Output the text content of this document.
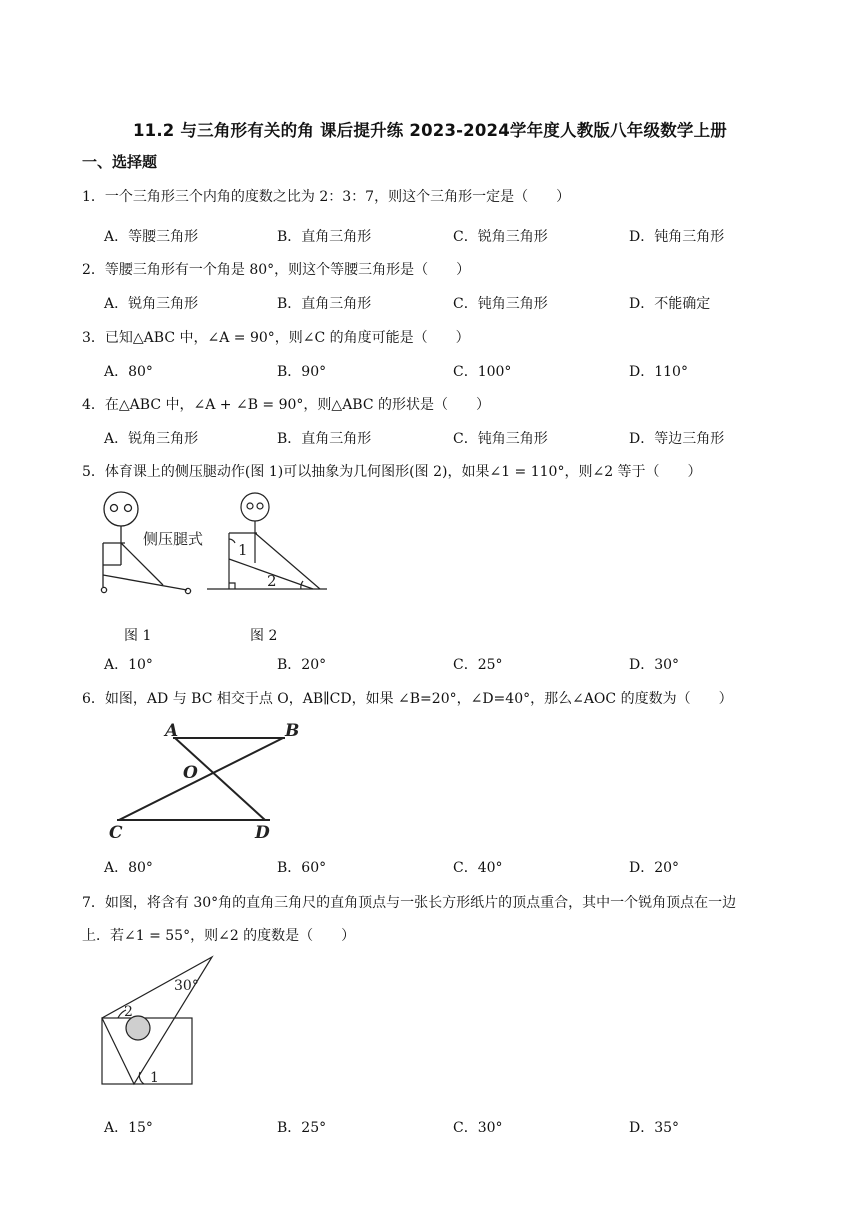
11.2 与三角形有关的角 课后提升练 2023-2024学年度人教版八年级数学上册
一、选择题
1．一个三角形三个内角的度数之比为 2：3：7，则这个三角形一定是（　　）
A．等腰三角形	B．直角三角形	C．锐角三角形	D．钝角三角形
2．等腰三角形有一个角是 80°，则这个等腰三角形是（　　）
A．锐角三角形	B．直角三角形	C．钝角三角形	D．不能确定
3．已知△ABC 中，∠A = 90°，则∠C 的角度可能是（　　）
A．80°	B．90°	C．100°	D．110°
4．在△ABC 中，∠A + ∠B = 90°，则△ABC 的形状是（　　）
A．锐角三角形	B．直角三角形	C．钝角三角形	D．等边三角形
5．体育课上的侧压腿动作(图 1)可以抽象为几何图形(图 2)，如果∠1 = 110°，则∠2 等于（　　）
侧压腿式
1
2
图 1	图 2
A．10°	B．20°	C．25°	D．30°
6．如图，AD 与 BC 相交于点 O，AB∥CD，如果 ∠B=20°，∠D=40°，那么∠AOC 的度数为（　　）
A	B
O
C	D
A．80°	B．60°	C．40°	D．20°
7．如图，将含有 30°角的直角三角尺的直角顶点与一张长方形纸片的顶点重合，其中一个锐角顶点在一边
上．若∠1 = 55°，则∠2 的度数是（　　）
30°
2
1
A．15°	B．25°	C．30°	D．35°
